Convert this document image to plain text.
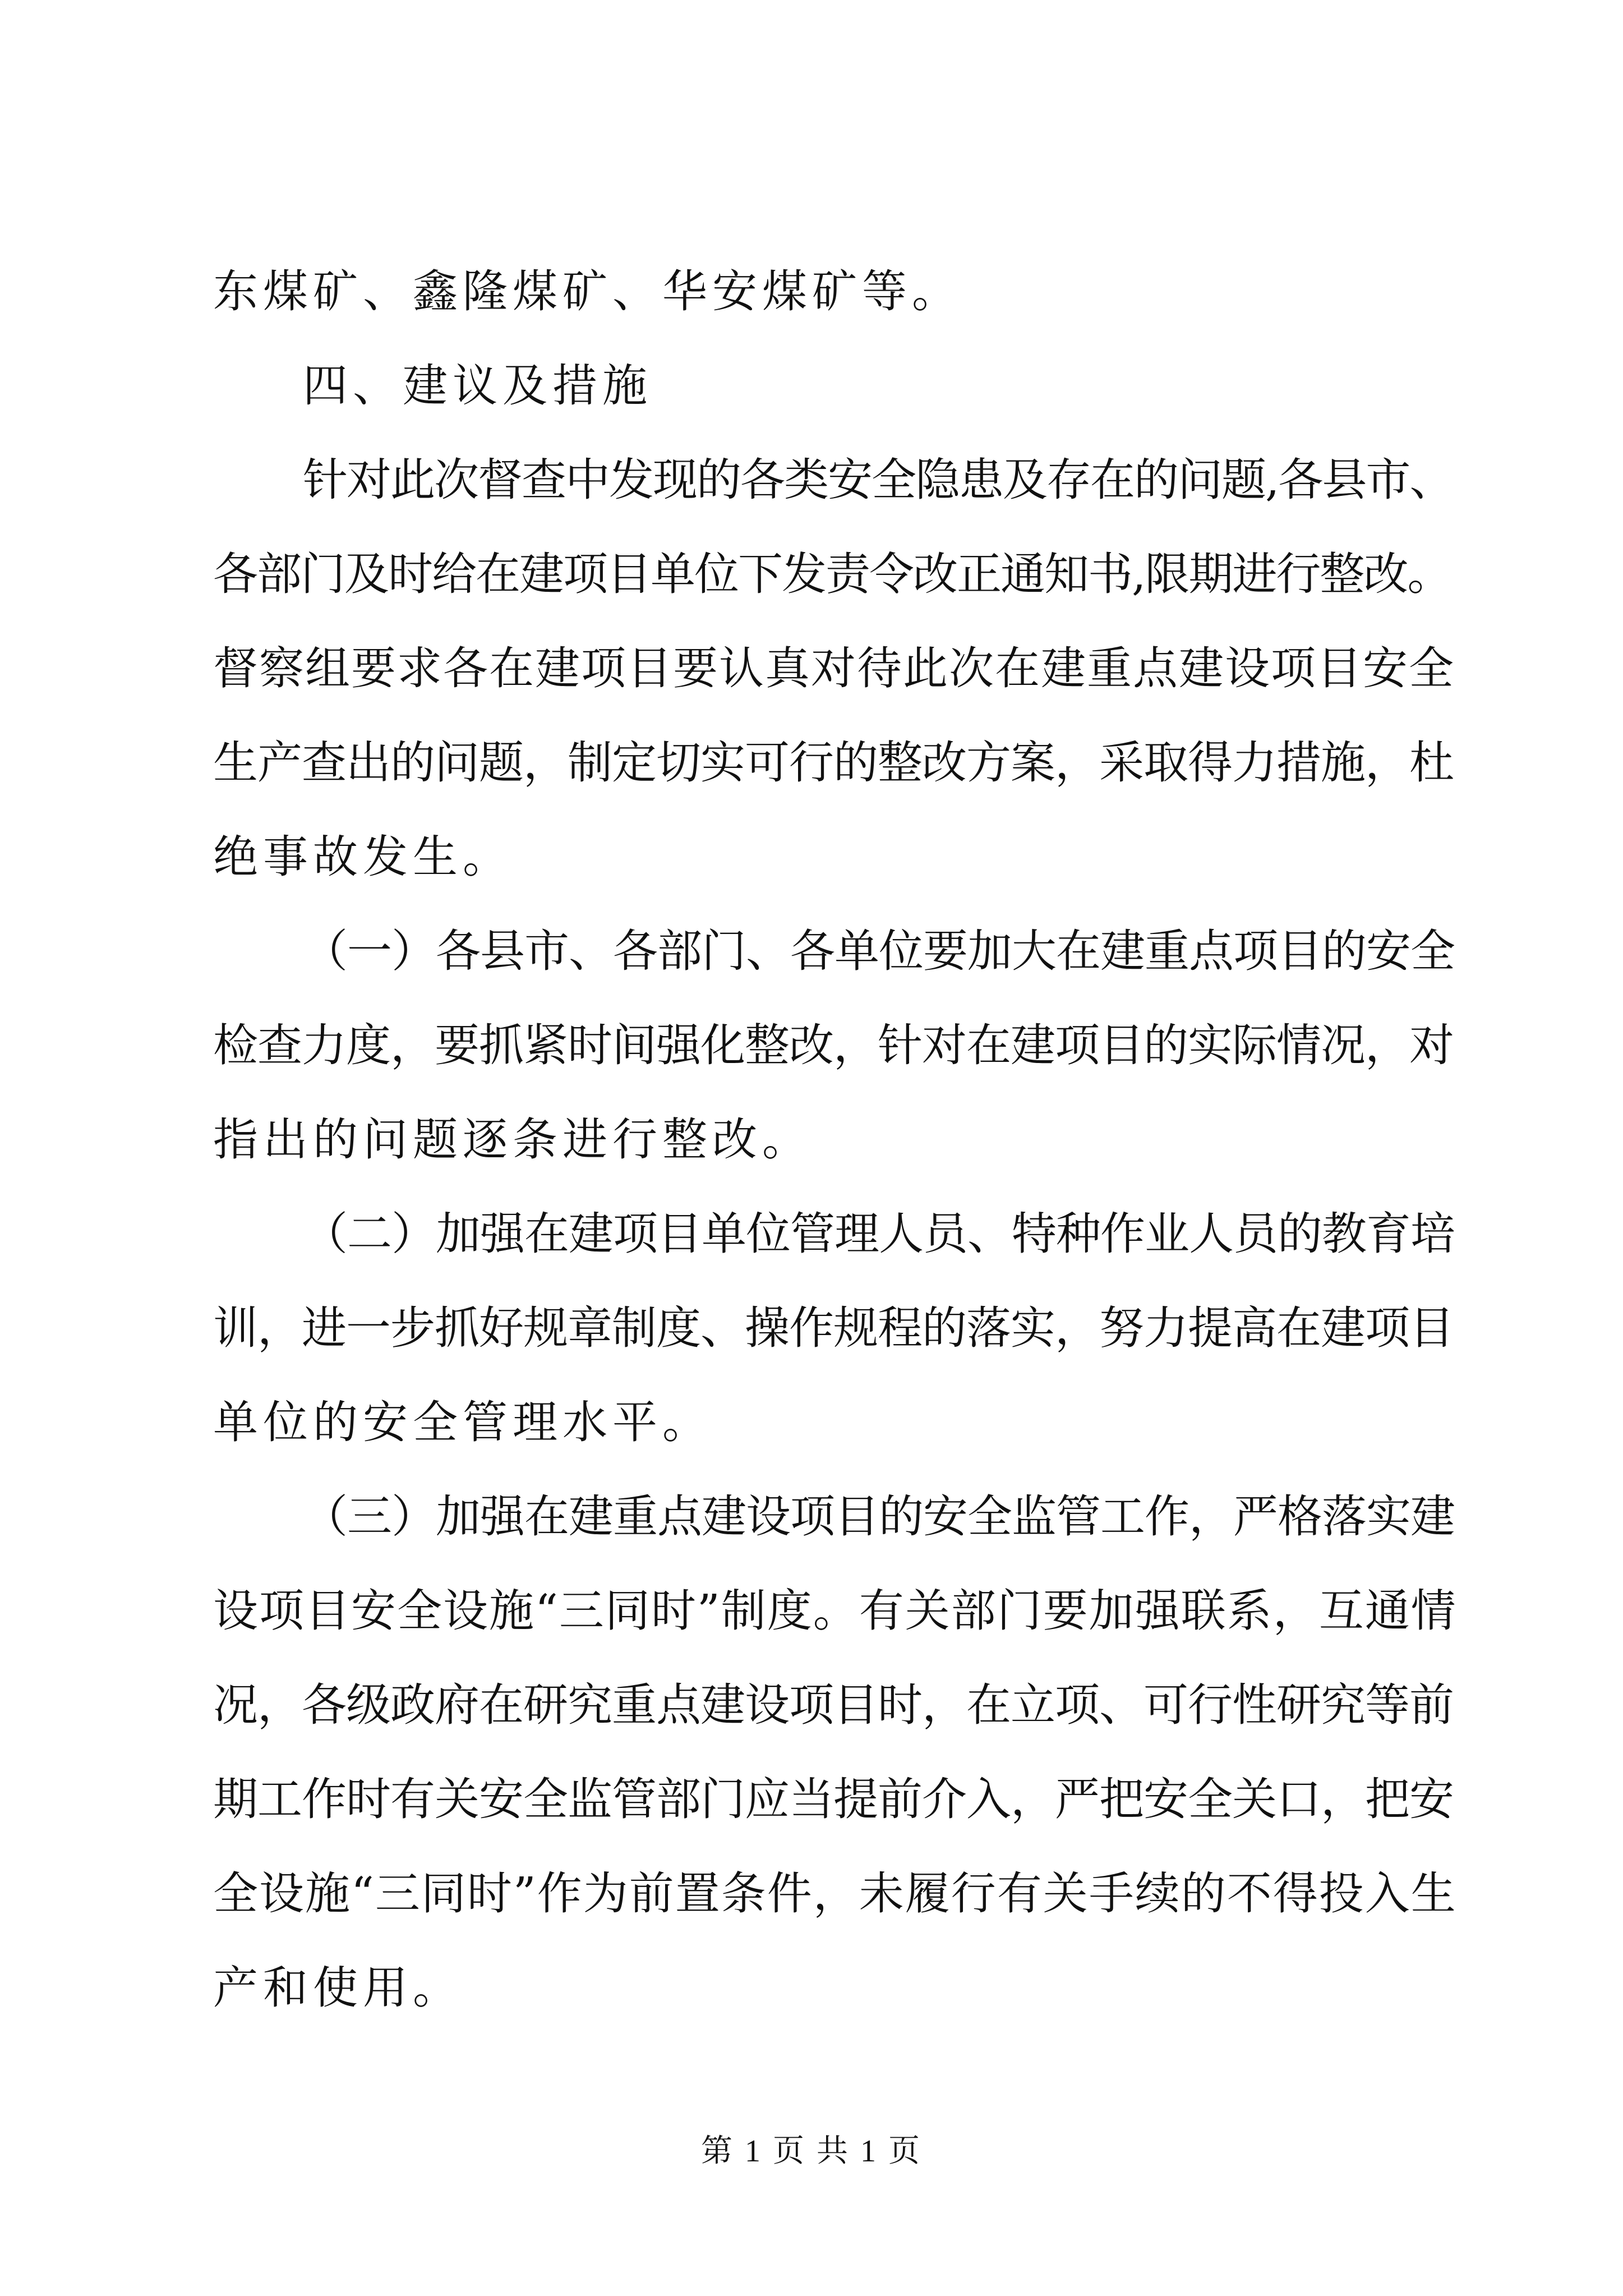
东煤矿、鑫隆煤矿、华安煤矿等。
四、建议及措施
针对此次督查中发现的各类安全隐患及存在的问题,各县市、
各部门及时给在建项目单位下发责令改正通知书,限期进行整改。
督察组要求各在建项目要认真对待此次在建重点建设项目安全
生产查出的问题，制定切实可行的整改方案，采取得力措施，杜
绝事故发生。
（一）各县市、各部门、各单位要加大在建重点项目的安全
检查力度，要抓紧时间强化整改，针对在建项目的实际情况，对
指出的问题逐条进行整改。
（二）加强在建项目单位管理人员、特种作业人员的教育培
训，进一步抓好规章制度、操作规程的落实，努力提高在建项目
单位的安全管理水平。
（三）加强在建重点建设项目的安全监管工作，严格落实建
设项目安全设施“三同时”制度。有关部门要加强联系，互通情
况，各级政府在研究重点建设项目时，在立项、可行性研究等前
期工作时有关安全监管部门应当提前介入，严把安全关口，把安
全设施“三同时”作为前置条件，未履行有关手续的不得投入生
产和使用。
第 1 页 共 1 页
